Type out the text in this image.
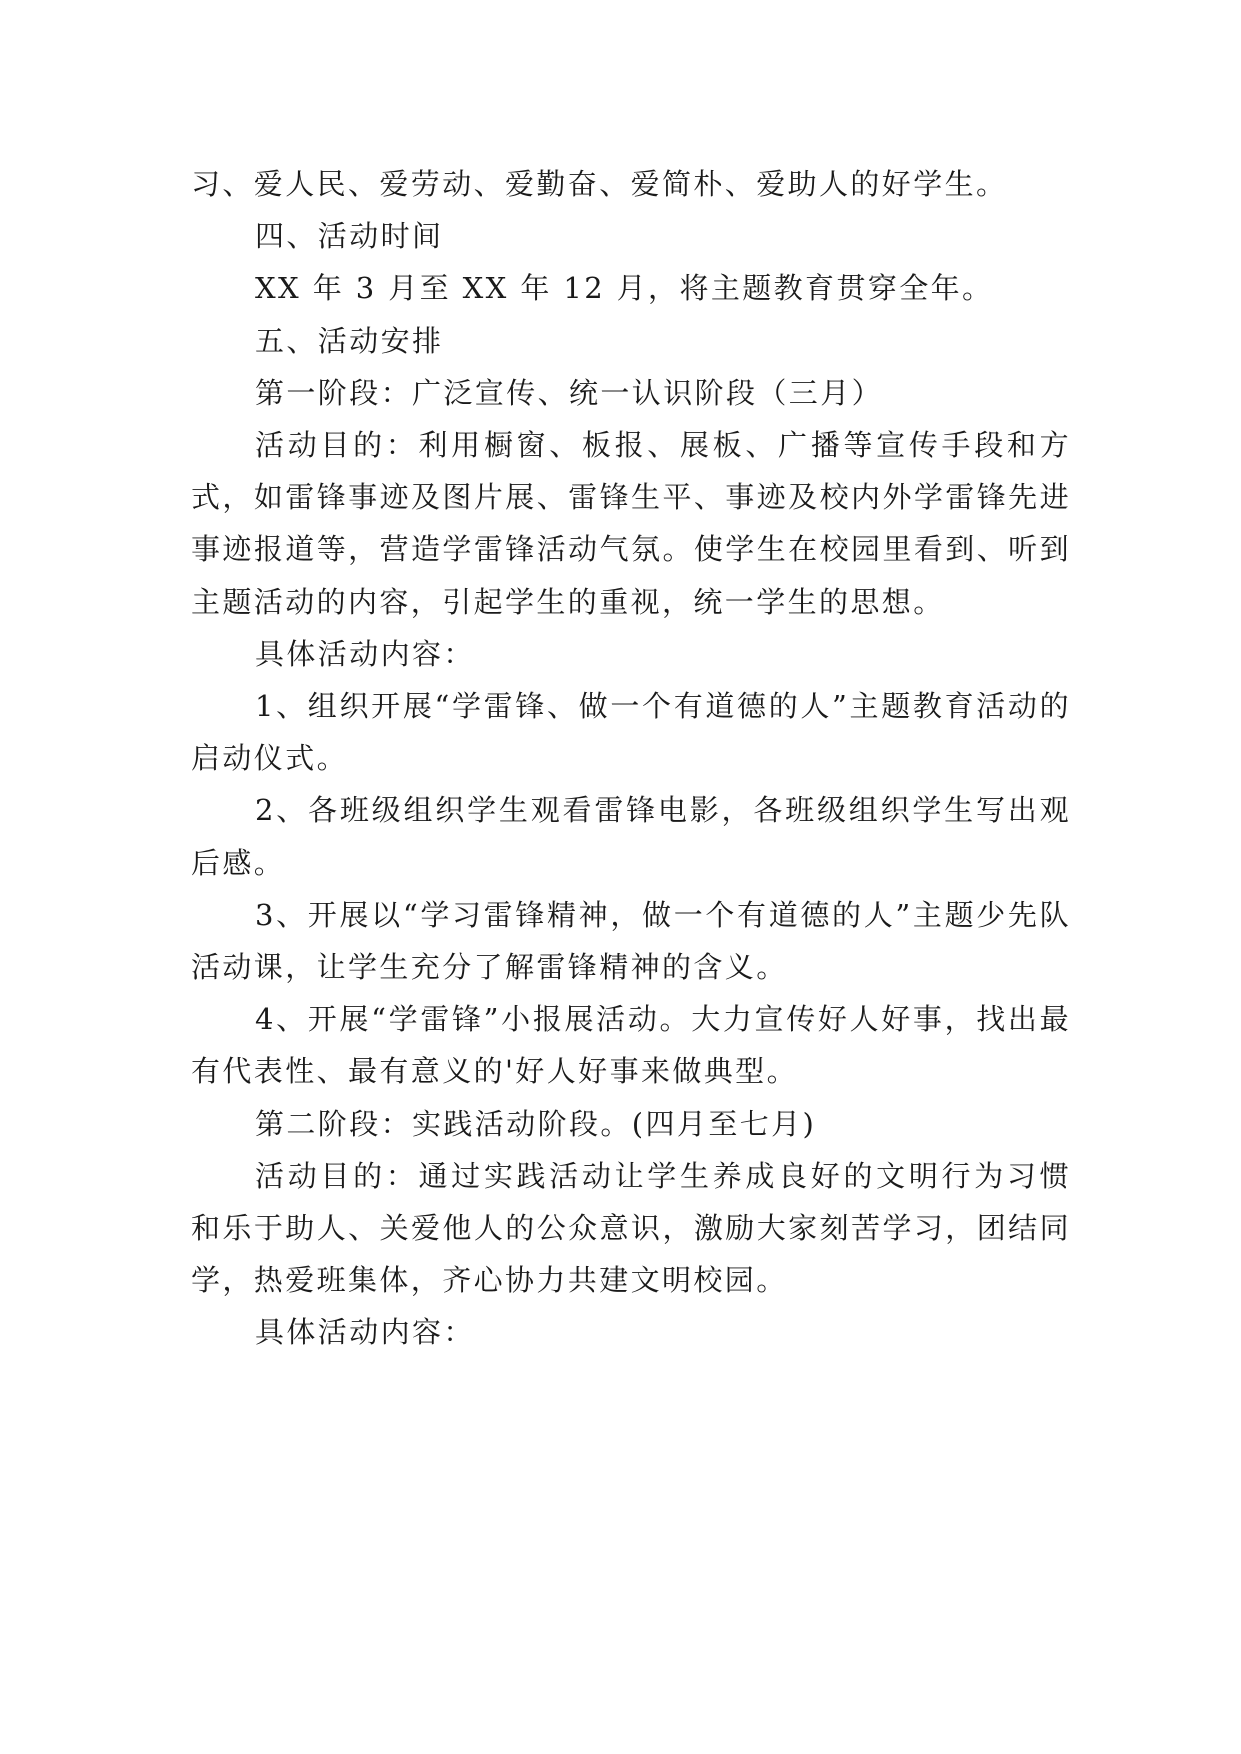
习、爱人民、爱劳动、爱勤奋、爱简朴、爱助人的好学生。

四、活动时间

XX 年 3 月至 XX 年 12 月，将主题教育贯穿全年。

五、活动安排

第一阶段：广泛宣传、统一认识阶段（三月）

活动目的：利用橱窗、板报、展板、广播等宣传手段和方式，如雷锋事迹及图片展、雷锋生平、事迹及校内外学雷锋先进事迹报道等，营造学雷锋活动气氛。使学生在校园里看到、听到主题活动的内容，引起学生的重视，统一学生的思想。

具体活动内容：

1、组织开展“学雷锋、做一个有道德的人”主题教育活动的启动仪式。

2、各班级组织学生观看雷锋电影，各班级组织学生写出观后感。

3、开展以“学习雷锋精神，做一个有道德的人”主题少先队活动课，让学生充分了解雷锋精神的含义。

4、开展“学雷锋”小报展活动。大力宣传好人好事，找出最有代表性、最有意义的'好人好事来做典型。

第二阶段：实践活动阶段。(四月至七月)

活动目的：通过实践活动让学生养成良好的文明行为习惯和乐于助人、关爱他人的公众意识，激励大家刻苦学习，团结同学，热爱班集体，齐心协力共建文明校园。

具体活动内容：
